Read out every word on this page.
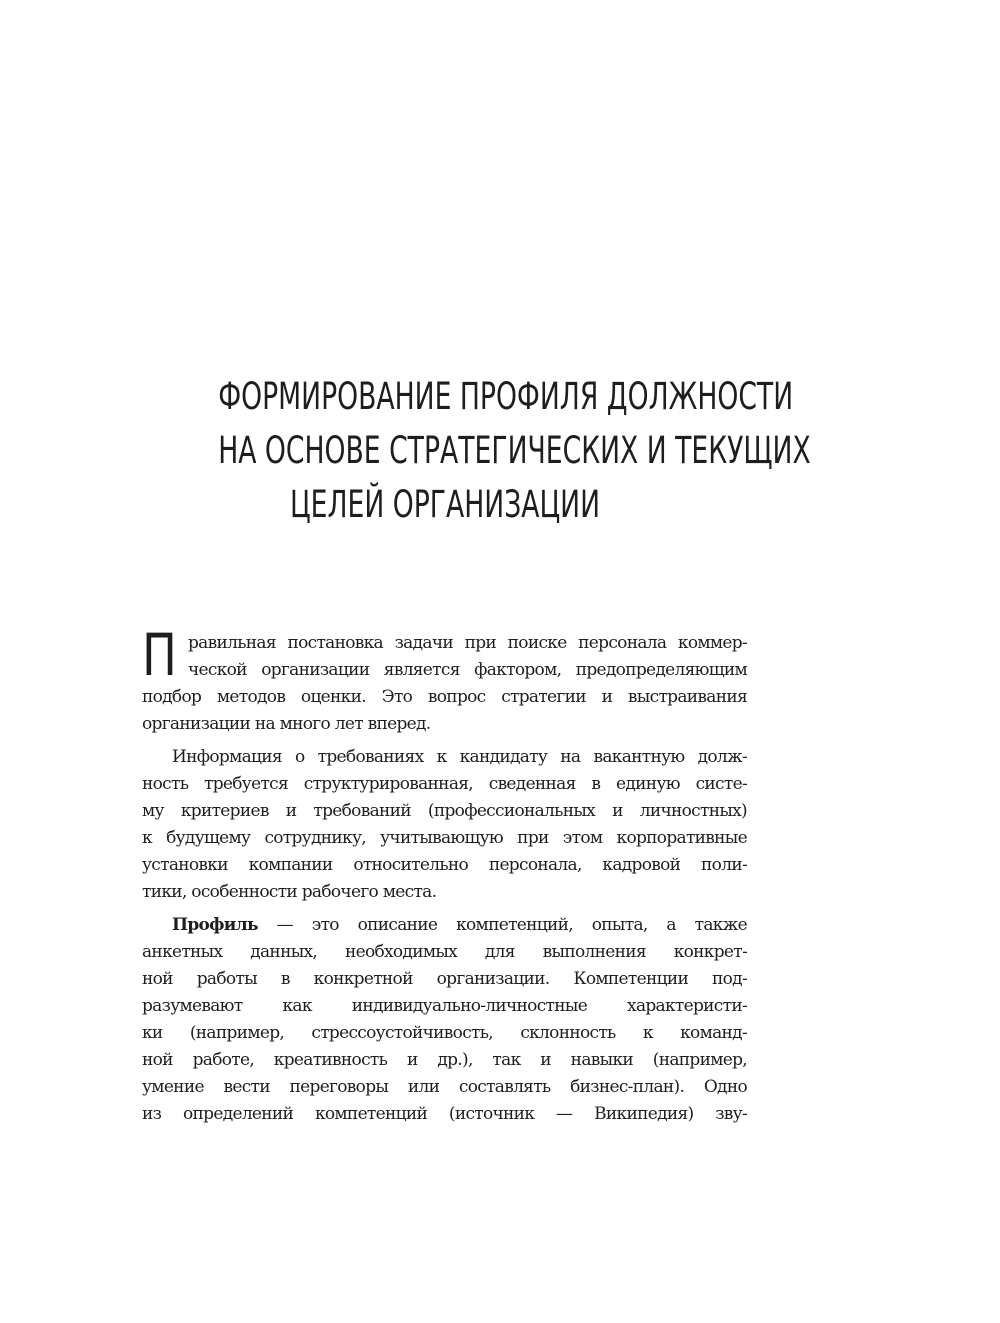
ФОРМИРОВАНИЕ ПРОФИЛЯ ДОЛЖНОСТИ
НА ОСНОВЕ СТРАТЕГИЧЕСКИХ И ТЕКУЩИХ
ЦЕЛЕЙ ОРГАНИЗАЦИИ
П равильная постановка задачи при поиске персонала коммер-
ческой организации является фактором, предопределяющим
подбор методов оценки. Это вопрос стратегии и выстраивания
организации на много лет вперед.
Информация о требованиях к кандидату на вакантную долж-
ность требуется структурированная, сведенная в единую систе-
му критериев и требований (профессиональных и личностных)
к будущему сотруднику, учитывающую при этом корпоративные
установки компании относительно персонала, кадровой поли-
тики, особенности рабочего места.
Профиль — это описание компетенций, опыта, а также
анкетных данных, необходимых для выполнения конкрет-
ной работы в конкретной организации. Компетенции под-
разумевают как индивидуально-личностные характеристи-
ки (например, стрессоустойчивость, склонность к команд-
ной работе, креативность и др.), так и навыки (например,
умение вести переговоры или составлять бизнес-план). Одно
из определений компетенций (источник — Википедия) зву-
